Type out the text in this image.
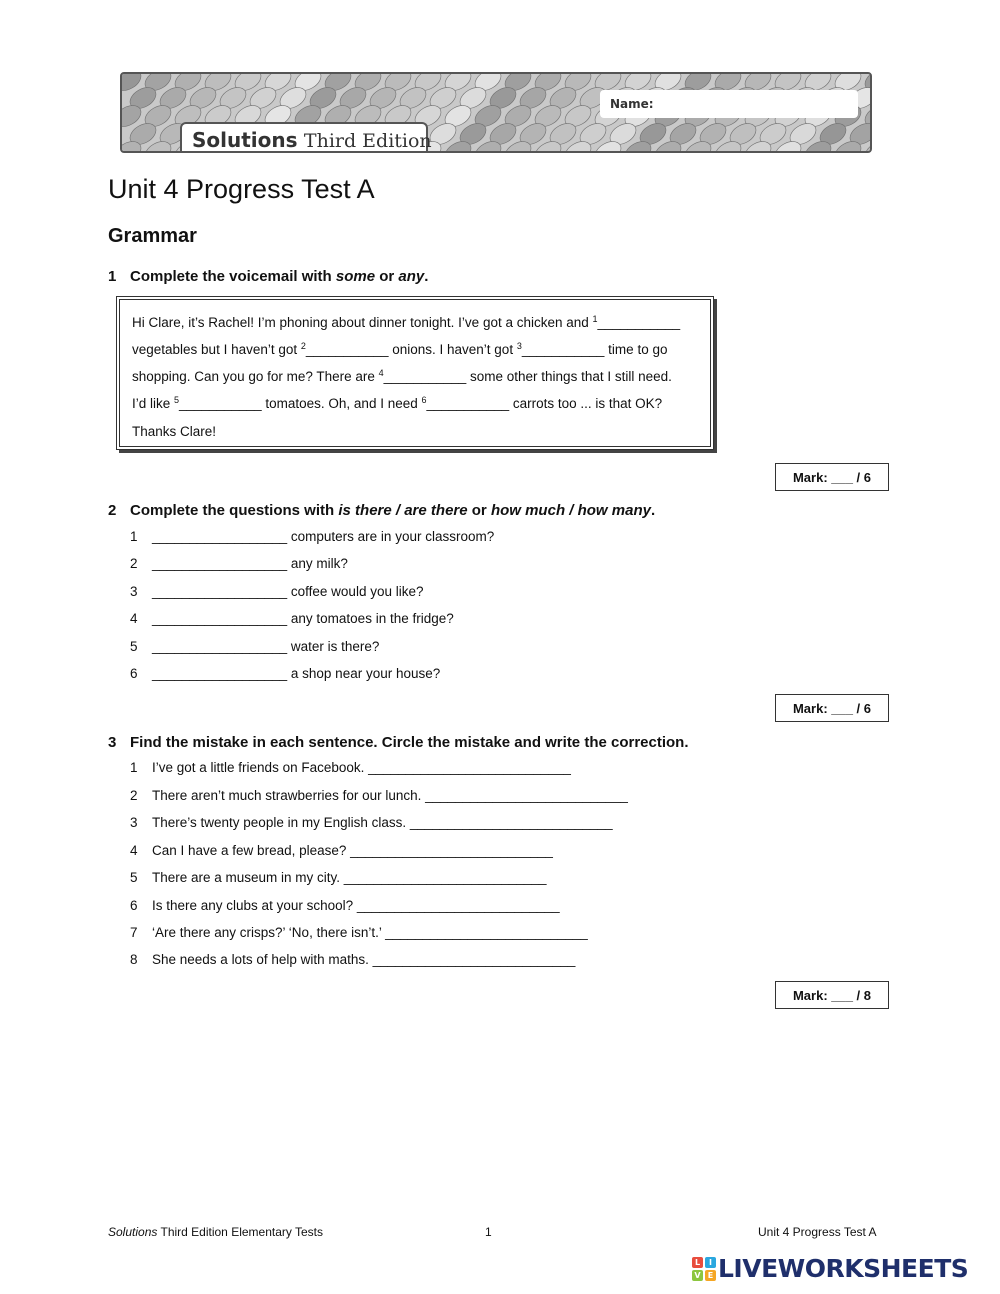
Name:
Solutions Third Edition
Unit 4 Progress Test A
Grammar
1 Complete the voicemail with some or any.
Hi Clare, it’s Rachel! I’m phoning about dinner tonight. I’ve got a chicken and $^1$___________
vegetables but I haven’t got $^2$___________ onions. I haven’t got $^3$___________ time to go
shopping. Can you go for me? There are $^4$___________ some other things that I still need.
I’d like $^5$___________ tomatoes. Oh, and I need $^6$___________ carrots too ... is that OK?
Thanks Clare!
Mark: ___ / 6
2 Complete the questions with is there / are there or how much / how many.
1 __________________ computers are in your classroom?
2 __________________ any milk?
3 __________________ coffee would you like?
4 __________________ any tomatoes in the fridge?
5 __________________ water is there?
6 __________________ a shop near your house?
Mark: ___ / 6
3 Find the mistake in each sentence. Circle the mistake and write the correction.
1 I’ve got a little friends on Facebook. ___________________________
2 There aren’t much strawberries for our lunch. ___________________________
3 There’s twenty people in my English class. ___________________________
4 Can I have a few bread, please? ___________________________
5 There are a museum in my city. ___________________________
6 Is there any clubs at your school? ___________________________
7 ‘Are there any crisps?’ ‘No, there isn’t.’ ___________________________
8 She needs a lots of help with maths. ___________________________
Mark: ___ / 8
Solutions Third Edition Elementary Tests	1	Unit 4 Progress Test A
L	I
V E LIVEWORKSHEETS
